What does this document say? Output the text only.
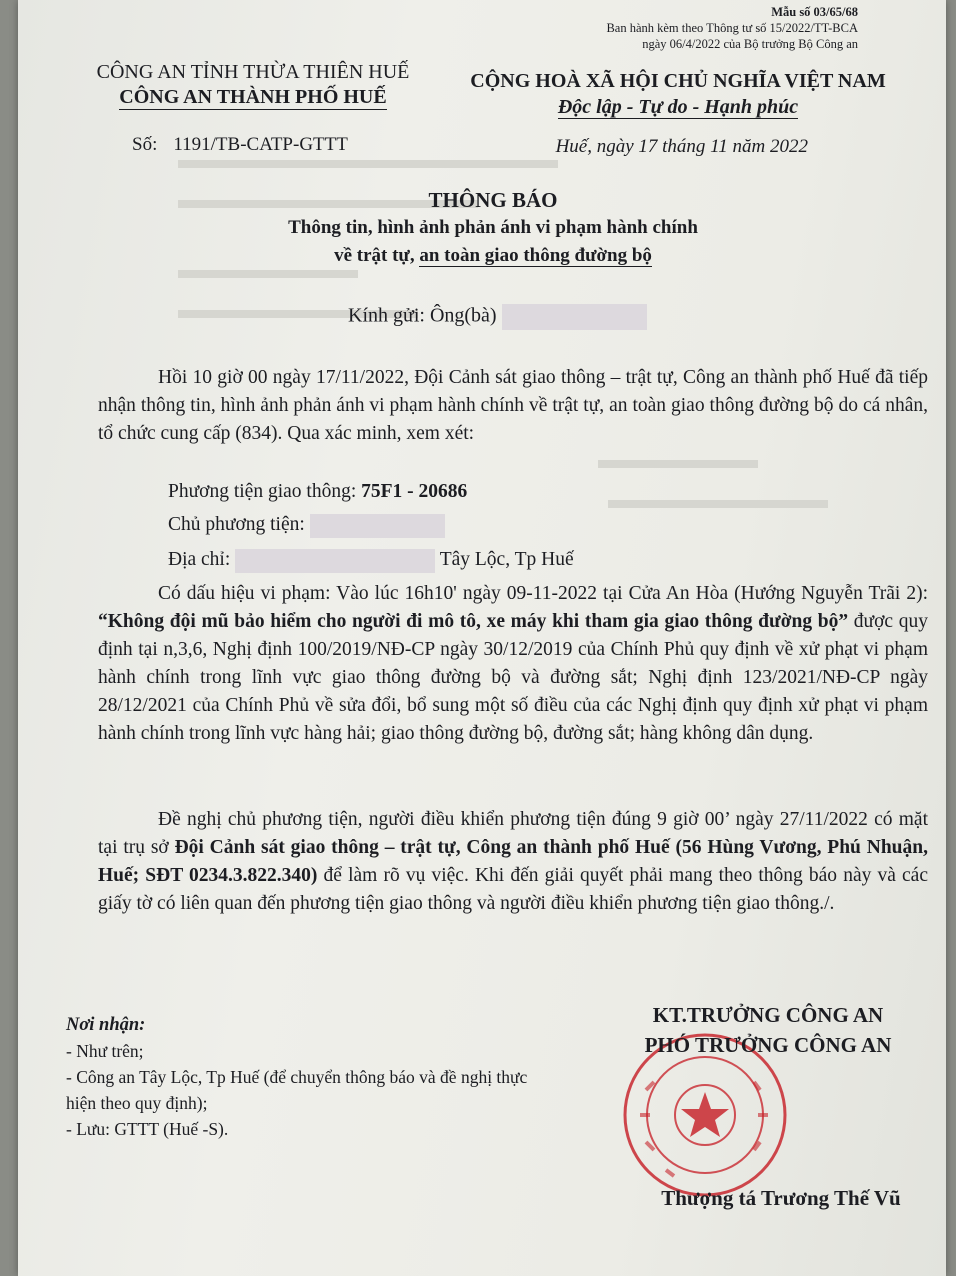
Mẫu số 03/65/68
Ban hành kèm theo Thông tư số 15/2022/TT-BCA
ngày 06/4/2022 của Bộ trưởng Bộ Công an
CÔNG AN TỈNH THỪA THIÊN HUẾ
CÔNG AN THÀNH PHỐ HUẾ
CỘNG HOÀ XÃ HỘI CHỦ NGHĨA VIỆT NAM
Độc lập - Tự do - Hạnh phúc
Số: 1191/TB-CATP-GTTT	Huế, ngày 17 tháng 11 năm 2022
THÔNG BÁO
Thông tin, hình ảnh phản ánh vi phạm hành chính
về trật tự, an toàn giao thông đường bộ
Kính gửi: Ông(bà)

Hồi 10 giờ 00 ngày 17/11/2022, Đội Cảnh sát giao thông – trật tự, Công an thành phố Huế đã tiếp nhận thông tin, hình ảnh phản ánh vi phạm hành chính về trật tự, an toàn giao thông đường bộ do cá nhân, tổ chức cung cấp (834). Qua xác minh, xem xét:

Phương tiện giao thông: 75F1 - 20686
Chủ phương tiện:
Địa chỉ:	Tây Lộc, Tp Huế

Có dấu hiệu vi phạm: Vào lúc 16h10' ngày 09-11-2022 tại Cửa An Hòa (Hướng Nguyễn Trãi 2): “Không đội mũ bảo hiểm cho người đi mô tô, xe máy khi tham gia giao thông đường bộ” được quy định tại n,3,6, Nghị định 100/2019/NĐ-CP ngày 30/12/2019 của Chính Phủ quy định về xử phạt vi phạm hành chính trong lĩnh vực giao thông đường bộ và đường sắt; Nghị định 123/2021/NĐ-CP ngày 28/12/2021 của Chính Phủ về sửa đổi, bổ sung một số điều của các Nghị định quy định xử phạt vi phạm hành chính trong lĩnh vực hàng hải; giao thông đường bộ, đường sắt; hàng không dân dụng.

Đề nghị chủ phương tiện, người điều khiển phương tiện đúng 9 giờ 00’ ngày 27/11/2022 có mặt tại trụ sở Đội Cảnh sát giao thông – trật tự, Công an thành phố Huế (56 Hùng Vương, Phú Nhuận, Huế; SĐT 0234.3.822.340) để làm rõ vụ việc. Khi đến giải quyết phải mang theo thông báo này và các giấy tờ có liên quan đến phương tiện giao thông và người điều khiển phương tiện giao thông./.

Nơi nhận:
- Như trên;
- Công an Tây Lộc, Tp Huế (để chuyển thông báo và đề nghị thực hiện theo quy định);
- Lưu: GTTT (Huế -S).
KT.TRƯỞNG CÔNG AN
PHÓ TRƯỞNG CÔNG AN
Thượng tá Trương Thế Vũ
